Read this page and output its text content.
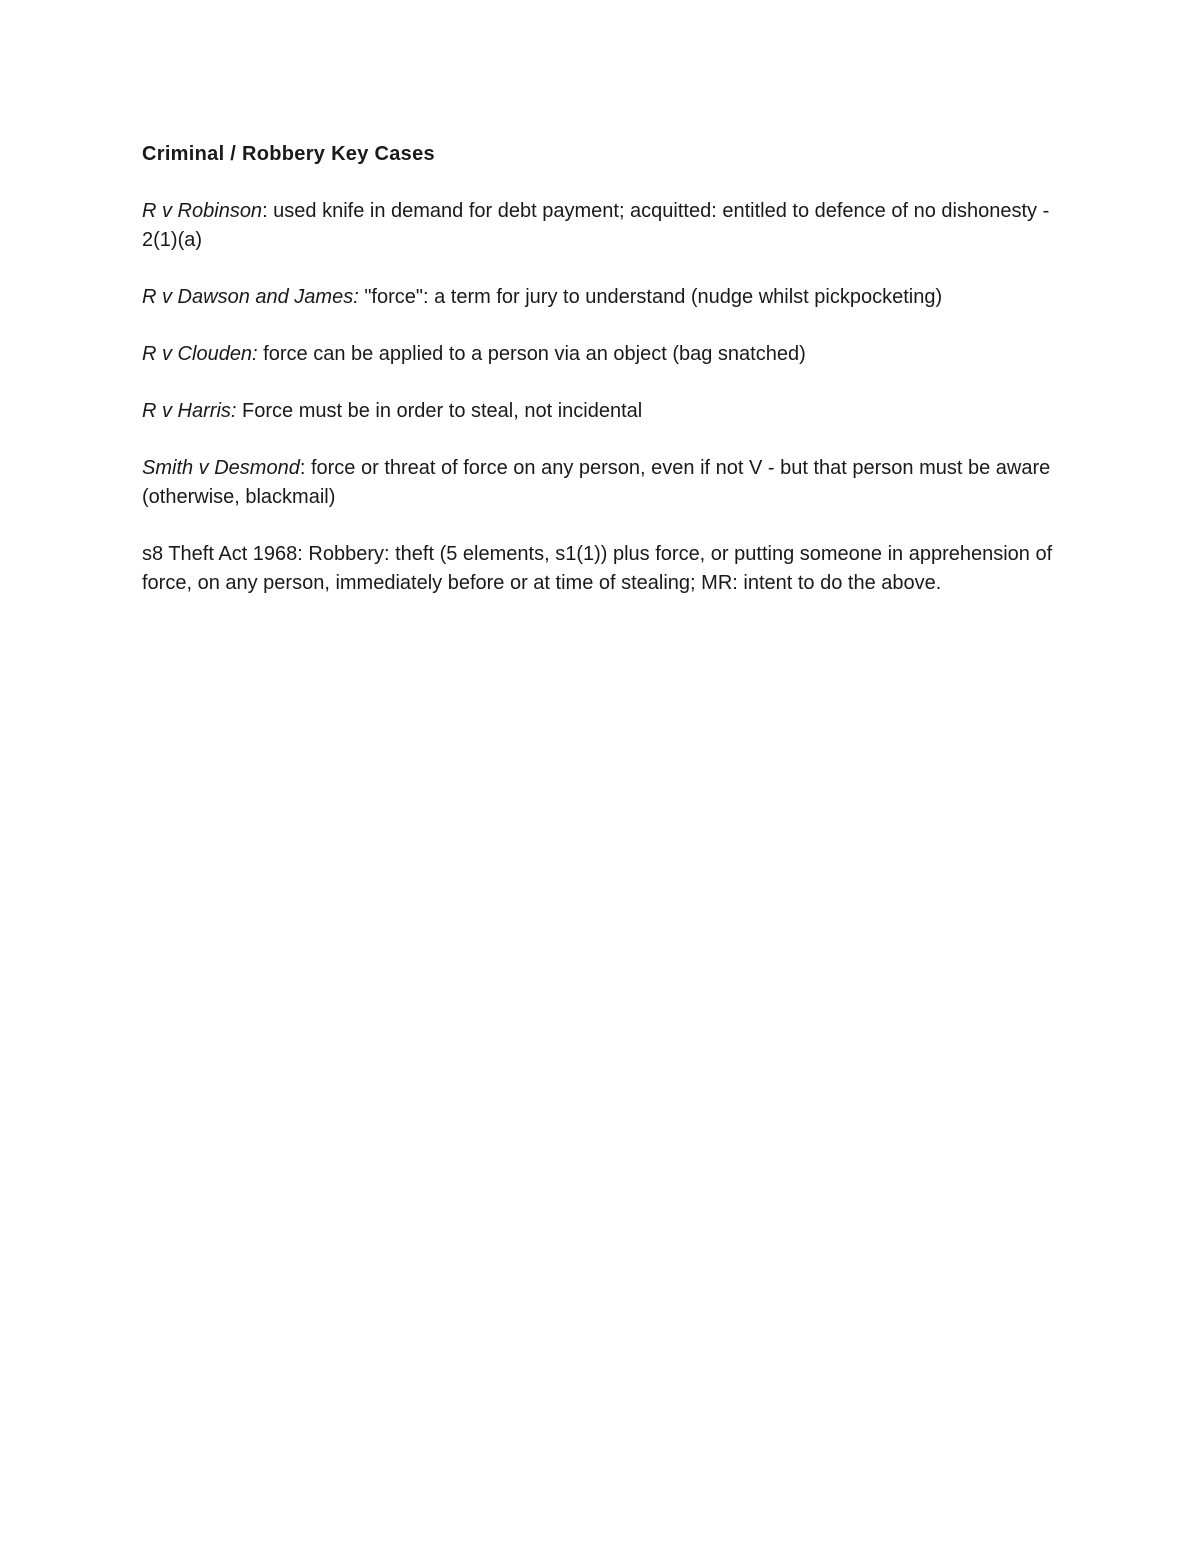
Criminal / Robbery Key Cases

R v Robinson: used knife in demand for debt payment; acquitted: entitled to defence of no dishonesty - 2(1)(a)

R v Dawson and James: "force": a term for jury to understand (nudge whilst pickpocketing)

R v Clouden: force can be applied to a person via an object (bag snatched)

R v Harris: Force must be in order to steal, not incidental

Smith v Desmond: force or threat of force on any person, even if not V - but that person must be aware (otherwise, blackmail)

s8 Theft Act 1968: Robbery: theft (5 elements, s1(1)) plus force, or putting someone in apprehension of force, on any person, immediately before or at time of stealing; MR: intent to do the above.
